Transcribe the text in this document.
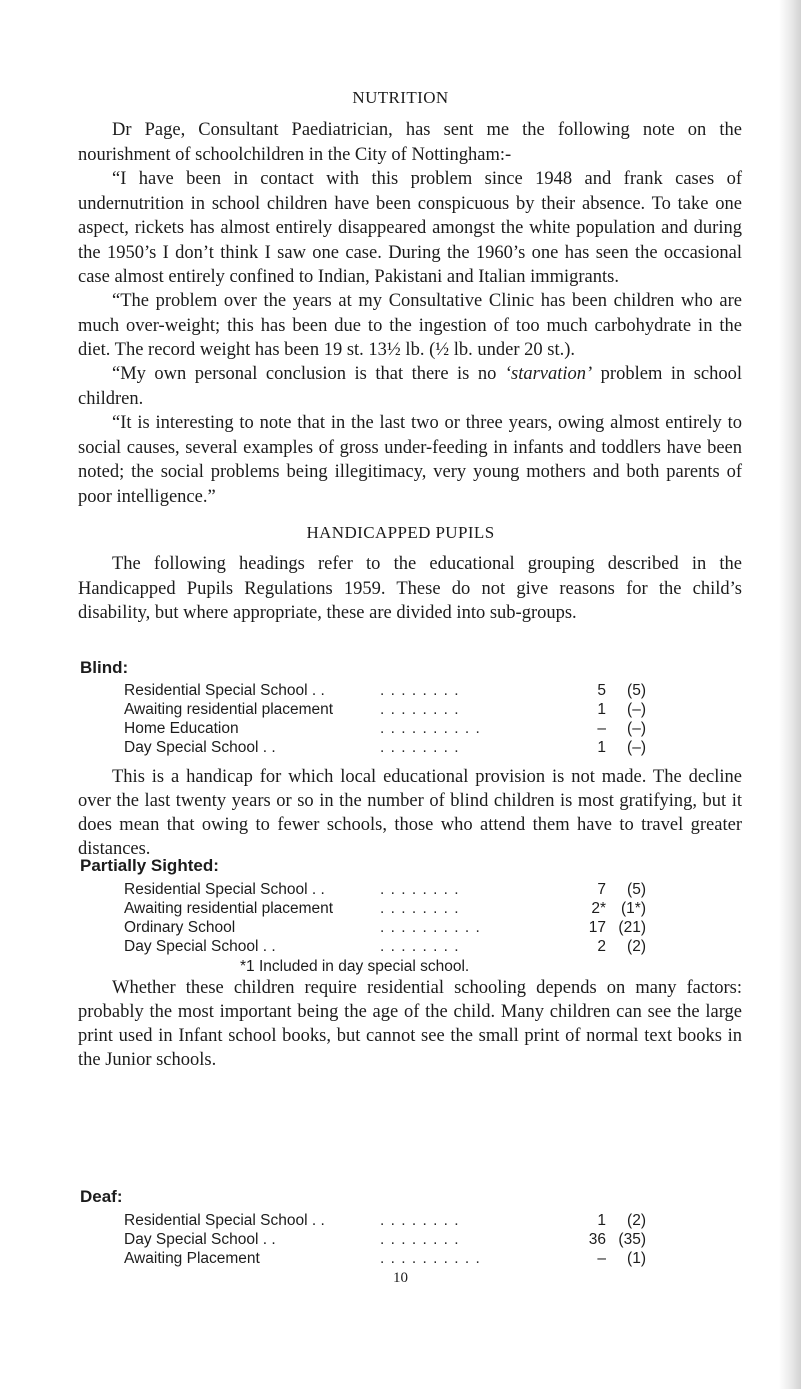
NUTRITION

Dr Page, Consultant Paediatrician, has sent me the following note on the nourishment of schoolchildren in the City of Nottingham:-

“I have been in contact with this problem since 1948 and frank cases of undernutrition in school children have been conspicuous by their absence. To take one aspect, rickets has almost entirely disappeared amongst the white population and during the 1950’s I don’t think I saw one case. During the 1960’s one has seen the occasional case almost entirely confined to Indian, Pakistani and Italian immigrants.

“The problem over the years at my Consultative Clinic has been children who are much over-weight; this has been due to the ingestion of too much carbohydrate in the diet. The record weight has been 19 st. 13½ lb. (½ lb. under 20 st.).

“My own personal conclusion is that there is no ‘starvation’ problem in school children.

“It is interesting to note that in the last two or three years, owing almost entirely to social causes, several examples of gross under-feeding in infants and toddlers have been noted; the social problems being illegitimacy, very young mothers and both parents of poor intelligence.”

HANDICAPPED PUPILS

The following headings refer to the educational grouping described in the Handicapped Pupils Regulations 1959. These do not give reasons for the child’s disability, but where appropriate, these are divided into sub-groups.

Blind:

Residential Special School . .	. . . . . . . .	5	(5)
Awaiting residential placement	. . . . . . . .	1	(–)
Home Education	. . . . . . . . . .	–	(–)
Day Special School . .	. . . . . . . .	1	(–)

This is a handicap for which local educational provision is not made. The decline over the last twenty years or so in the number of blind children is most gratifying, but it does mean that owing to fewer schools, those who attend them have to travel greater distances.

Partially Sighted:

Residential Special School . .	. . . . . . . .	7	(5)
Awaiting residential placement	. . . . . . . .	2* (1*)
Ordinary School	. . . . . . . . . .	17 (21)
Day Special School . .	. . . . . . . .	2	(2)

*1 Included in day special school.

Whether these children require residential schooling depends on many factors: probably the most important being the age of the child. Many children can see the large print used in Infant school books, but cannot see the small print of normal text books in the Junior schools.

Deaf:

Residential Special School . .	. . . . . . . .	1	(2)
Day Special School . .	. . . . . . . .	36 (35)
Awaiting Placement	. . . . . . . . . .	–	(1)

10
